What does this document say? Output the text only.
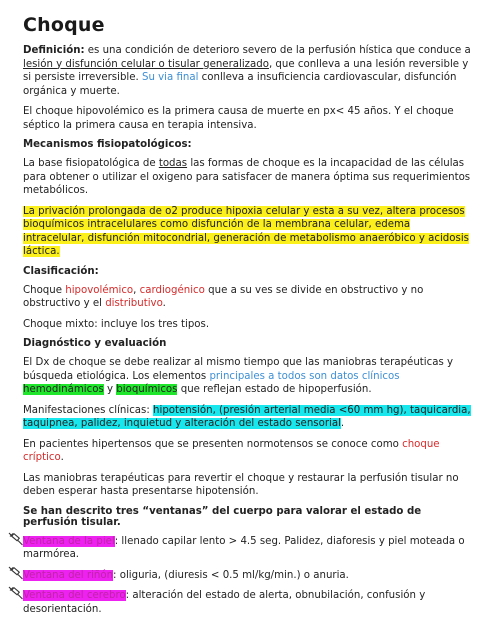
Choque

Definición: es una condición de deterioro severo de la perfusión hística que conduce a lesión y disfunción celular o tisular generalizado, que conlleva a una lesión reversible y si persiste irreversible. Su via final conlleva a insuficiencia cardiovascular, disfunción orgánica y muerte.

El choque hipovolémico es la primera causa de muerte en px< 45 años. Y el choque séptico la primera causa en terapia intensiva.

Mecanismos fisiopatológicos:

La base fisiopatológica de todas las formas de choque es la incapacidad de las células para obtener o utilizar el oxigeno para satisfacer de manera óptima sus requerimientos metabólicos.

La privación prolongada de o2 produce hipoxia celular y esta a su vez, altera procesos bioquímicos intracelulares como disfunción de la membrana celular, edema intracelular, disfunción mitocondrial, generación de metabolismo anaeróbico y acidosis láctica.

Clasificación:

Choque hipovolémico, cardiogénico que a su ves se divide en obstructivo y no obstructivo y el distributivo.

Choque mixto: incluye los tres tipos.

Diagnóstico y evaluación

El Dx de choque se debe realizar al mismo tiempo que las maniobras terapéuticas y búsqueda etiológica. Los elementos principales a todos son datos clínicos hemodinámicos y bioquímicos que reflejan estado de hipoperfusión.

Manifestaciones clínicas: hipotensión, (presión arterial media <60 mm hg), taquicardia, taquipnea, palidez, inquietud y alteración del estado sensorial.

En pacientes hipertensos que se presenten normotensos se conoce como choque críptico.

Las maniobras terapéuticas para revertir el choque y restaurar la perfusión tisular no deben esperar hasta presentarse hipotensión.

Se han descrito tres “ventanas” del cuerpo para valorar el estado de perfusión tisular.

Ventana de la piel: llenado capilar lento > 4.5 seg. Palidez, diaforesis y piel moteada o marmórea.

Ventana del riñón: oliguria, (diuresis < 0.5 ml/kg/min.) o anuria.

Ventana del cerebro: alteración del estado de alerta, obnubilación, confusión y desorientación.
